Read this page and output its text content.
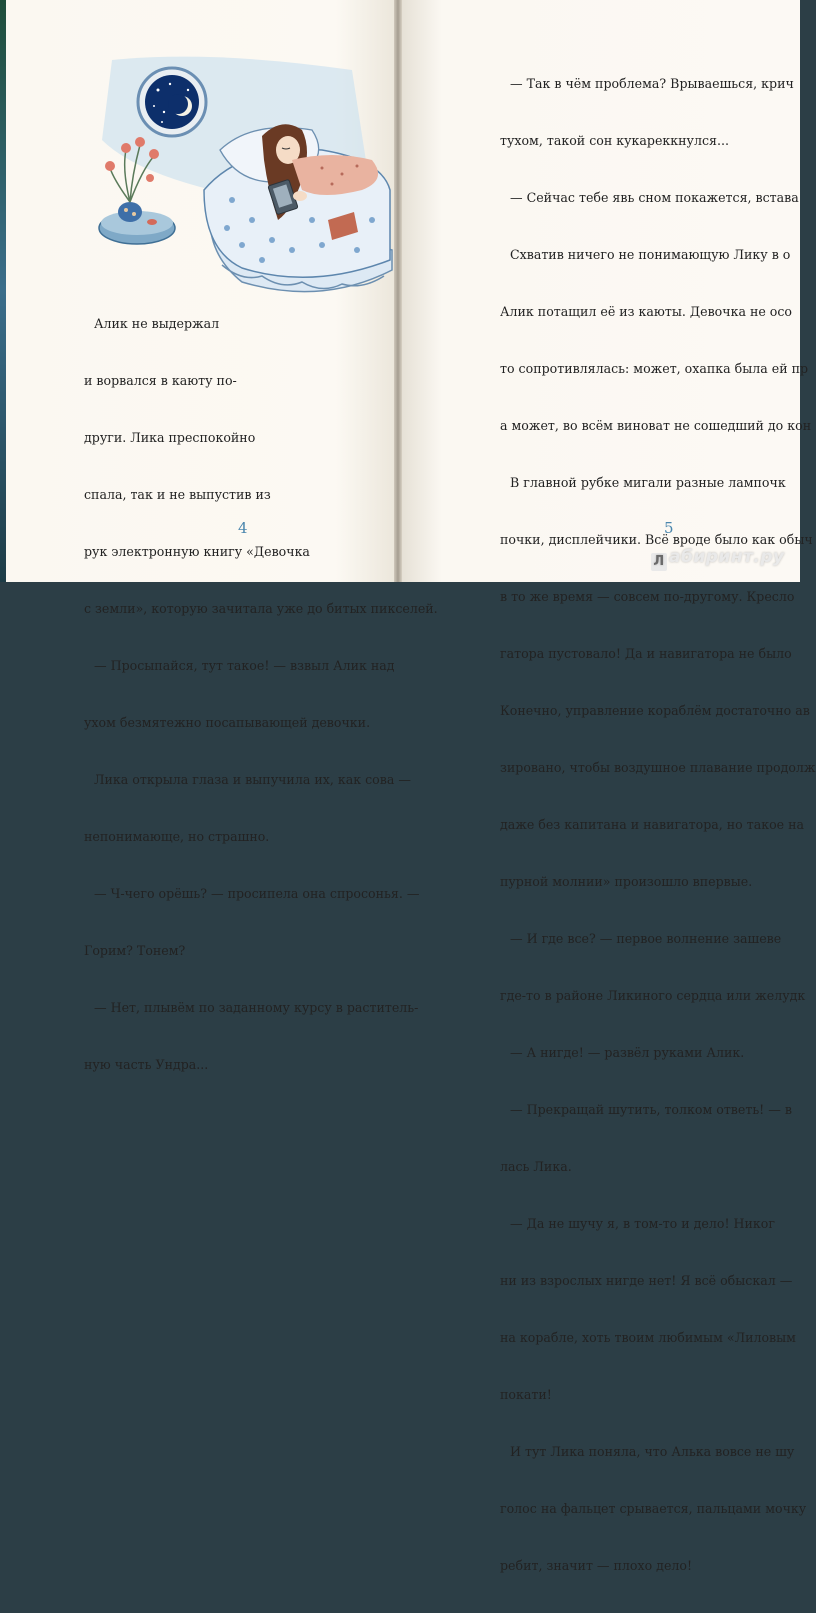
Алик не выдержал

и ворвался в каюту по-

други. Лика преспокойно

спала, так и не выпустив из

рук электронную книгу «Девочка

с земли», которую зачитала уже до битых пикселей.

— Просыпайся, тут такое! — взвыл Алик над

ухом безмятежно посапывающей девочки.

Лика открыла глаза и выпучила их, как сова —

непонимающе, но страшно.

— Ч-чего орёшь? — просипела она спросонья. —

Горим? Тонем?

— Нет, плывём по заданному курсу в раститель-

ную часть Ундра...

4

— Так в чём проблема? Врываешься, крич

тухом, такой сон кукареккнулся...

— Сейчас тебе явь сном покажется, встава

Схватив ничего не понимающую Лику в о

Алик потащил её из каюты. Девочка не осо

то сопротивлялась: может, охапка была ей пр

а может, во всём виноват не сошедший до кон

В главной рубке мигали разные лампочк

почки, дисплейчики. Всё вроде было как обыч

в то же время — совсем по-другому. Кресло

гатора пустовало! Да и навигатора не было

Конечно, управление кораблём достаточно ав

зировано, чтобы воздушное плавание продолж

даже без капитана и навигатора, но такое на

пурной молнии» произошло впервые.

— И где все? — первое волнение зашеве

где-то в районе Ликиного сердца или желудк

— А нигде! — развёл руками Алик.

— Прекращай шутить, толком ответь! — в

лась Лика.

— Да не шучу я, в том-то и дело! Никог

ни из взрослых нигде нет! Я всё обыскал —

на корабле, хоть твоим любимым «Лиловым

покати!

И тут Лика поняла, что Алька вовсе не шу

голос на фальцет срывается, пальцами мочку

ребит, значит — плохо дело!

5
Л абиринт.ру
